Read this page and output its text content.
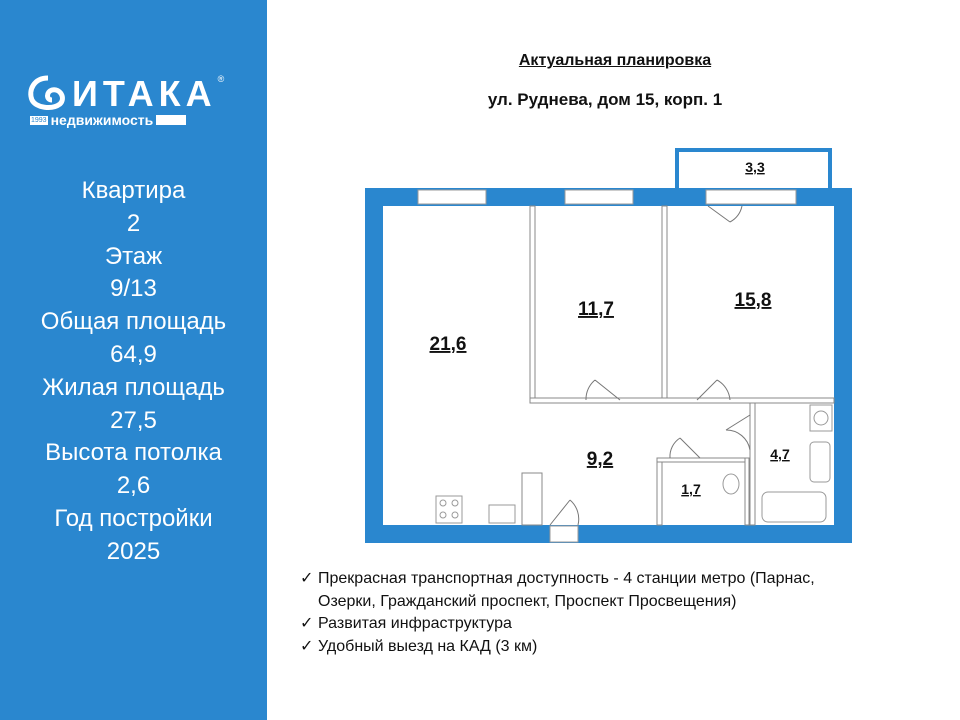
ИТАКА ®
1993 недвижимость
Квартира
2
Этаж
9/13
Общая площадь
64,9
Жилая площадь
27,5
Высота потолка
2,6
Год постройки
2025
Актуальная планировка
ул. Руднева, дом 15, корп. 1
21,6
11,7	15,8
9,2
1,7
4,7
3,3
✓ Прекрасная транспортная доступность - 4 станции метро (Парнас,
Озерки, Гражданский проспект, Проспект Просвещения)
✓ Развитая инфраструктура
✓ Удобный выезд на КАД (3 км)
